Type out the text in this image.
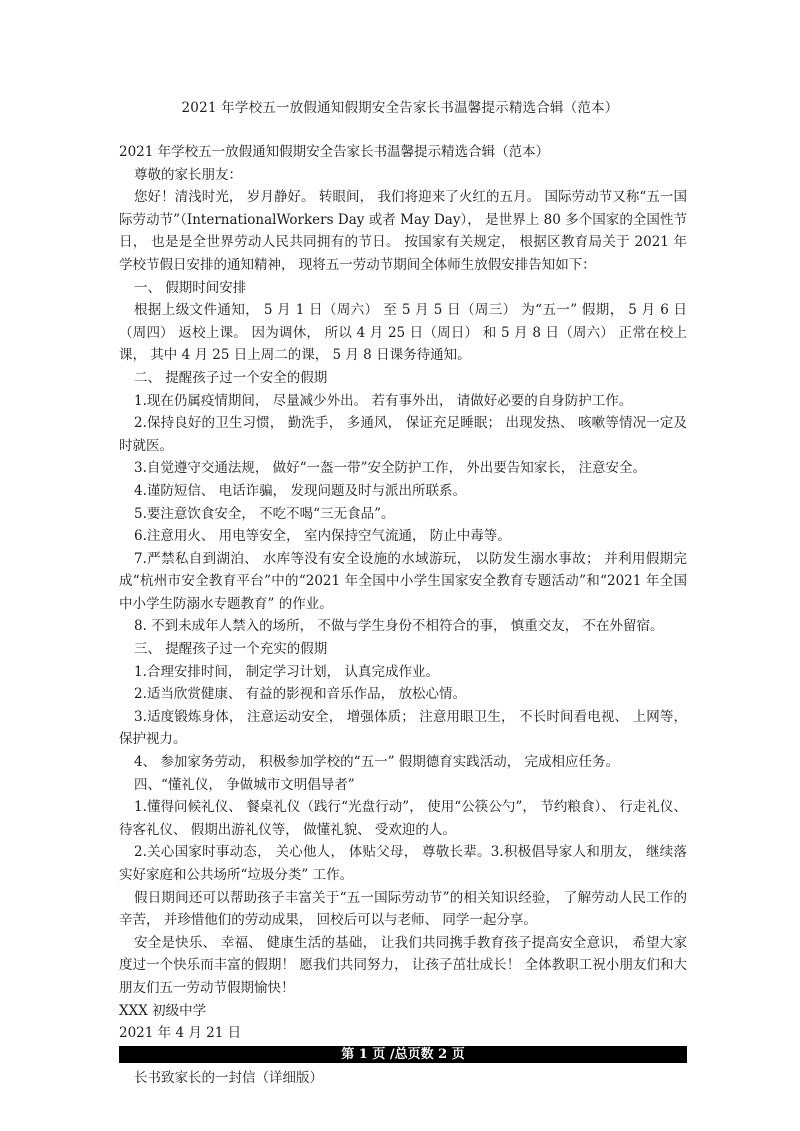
2021 年学校五一放假通知假期安全告家长书温馨提示精选合辑（范本）

2021 年学校五一放假通知假期安全告家长书温馨提示精选合辑（范本）

尊敬的家长朋友：

您好！清浅时光， 岁月静好。 转眼间， 我们将迎来了火红的五月。 国际劳动节又称“五一国际劳动节”（InternationalWorkers Day 或者 May Day）， 是世界上 80 多个国家的全国性节日， 也是是全世界劳动人民共同拥有的节日。 按国家有关规定， 根据区教育局关于 2021 年学校节假日安排的通知精神， 现将五一劳动节期间全体师生放假安排告知如下：

一、 假期时间安排

根据上级文件通知， 5 月 1 日（周六） 至 5 月 5 日（周三） 为“五一” 假期， 5 月 6 日（周四） 返校上课。 因为调休， 所以 4 月 25 日（周日） 和 5 月 8 日（周六） 正常在校上课， 其中 4 月 25 日上周二的课， 5 月 8 日课务待通知。

二、 提醒孩子过一个安全的假期

1.现在仍属疫情期间， 尽量减少外出。 若有事外出， 请做好必要的自身防护工作。

2.保持良好的卫生习惯， 勤洗手， 多通风， 保证充足睡眠； 出现发热、 咳嗽等情况一定及时就医。

3.自觉遵守交通法规， 做好“一盔一带”安全防护工作， 外出要告知家长， 注意安全。

4.谨防短信、 电话诈骗， 发现问题及时与派出所联系。

5.要注意饮食安全， 不吃不喝“三无食品”。

6.注意用火、 用电等安全， 室内保持空气流通， 防止中毒等。

7.严禁私自到湖泊、 水库等没有安全设施的水域游玩， 以防发生溺水事故； 并利用假期完成“杭州市安全教育平台”中的“2021 年全国中小学生国家安全教育专题活动”和“2021 年全国中小学生防溺水专题教育” 的作业。

8. 不到未成年人禁入的场所， 不做与学生身份不相符合的事， 慎重交友， 不在外留宿。

三、 提醒孩子过一个充实的假期

1.合理安排时间， 制定学习计划， 认真完成作业。

2.适当欣赏健康、 有益的影视和音乐作品， 放松心情。

3.适度锻炼身体， 注意运动安全， 增强体质； 注意用眼卫生， 不长时间看电视、 上网等，保护视力。

4、 参加家务劳动， 积极参加学校的“五一” 假期德育实践活动， 完成相应任务。

四、“懂礼仪， 争做城市文明倡导者”

1.懂得问候礼仪、 餐桌礼仪（践行“光盘行动”， 使用“公筷公勺”， 节约粮食）、 行走礼仪、 待客礼仪、 假期出游礼仪等， 做懂礼貌、 受欢迎的人。

2.关心国家时事动态， 关心他人， 体贴父母， 尊敬长辈。3.积极倡导家人和朋友， 继续落实好家庭和公共场所“垃圾分类” 工作。

假日期间还可以帮助孩子丰富关于“五一国际劳动节”的相关知识经验， 了解劳动人民工作的辛苦， 并珍惜他们的劳动成果， 回校后可以与老师、 同学一起分享。

安全是快乐、 幸福、 健康生活的基础， 让我们共同携手教育孩子提高安全意识， 希望大家度过一个快乐而丰富的假期！ 愿我们共同努力， 让孩子茁壮成长！ 全体教职工祝小朋友们和大朋友们五一劳动节假期愉快！

XXX 初级中学

2021 年 4 月 21 日

长书致家长的一封信（详细版）

第 1 页 /总页数 2 页
